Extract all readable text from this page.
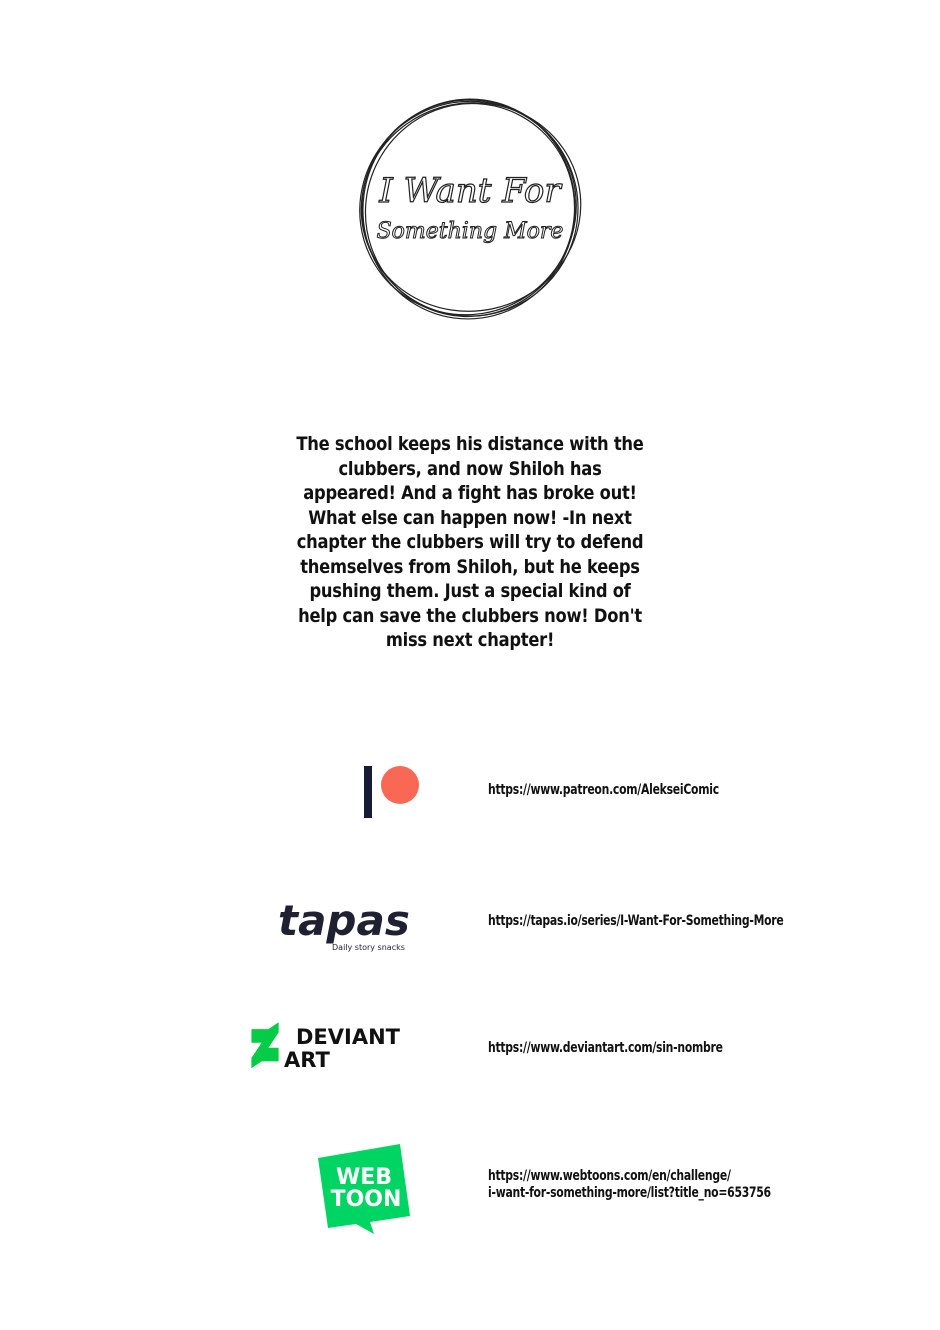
I Want For
Something More
The school keeps his distance with the clubbers, and now Shiloh has appeared! And a fight has broke out! What else can happen now! -In next chapter the clubbers will try to defend themselves from Shiloh, but he keeps pushing them. Just a special kind of help can save the clubbers now! Don't miss next chapter!
https://www.patreon.com/AlekseiComic
tapas
Daily story snacks
https://tapas.io/series/I-Want-For-Something-More
DEVIANT
ART	https://www.deviantart.com/sin-nombre
WEB
TOON
https://www.webtoons.com/en/challenge/
i-want-for-something-more/list?title_no=653756
